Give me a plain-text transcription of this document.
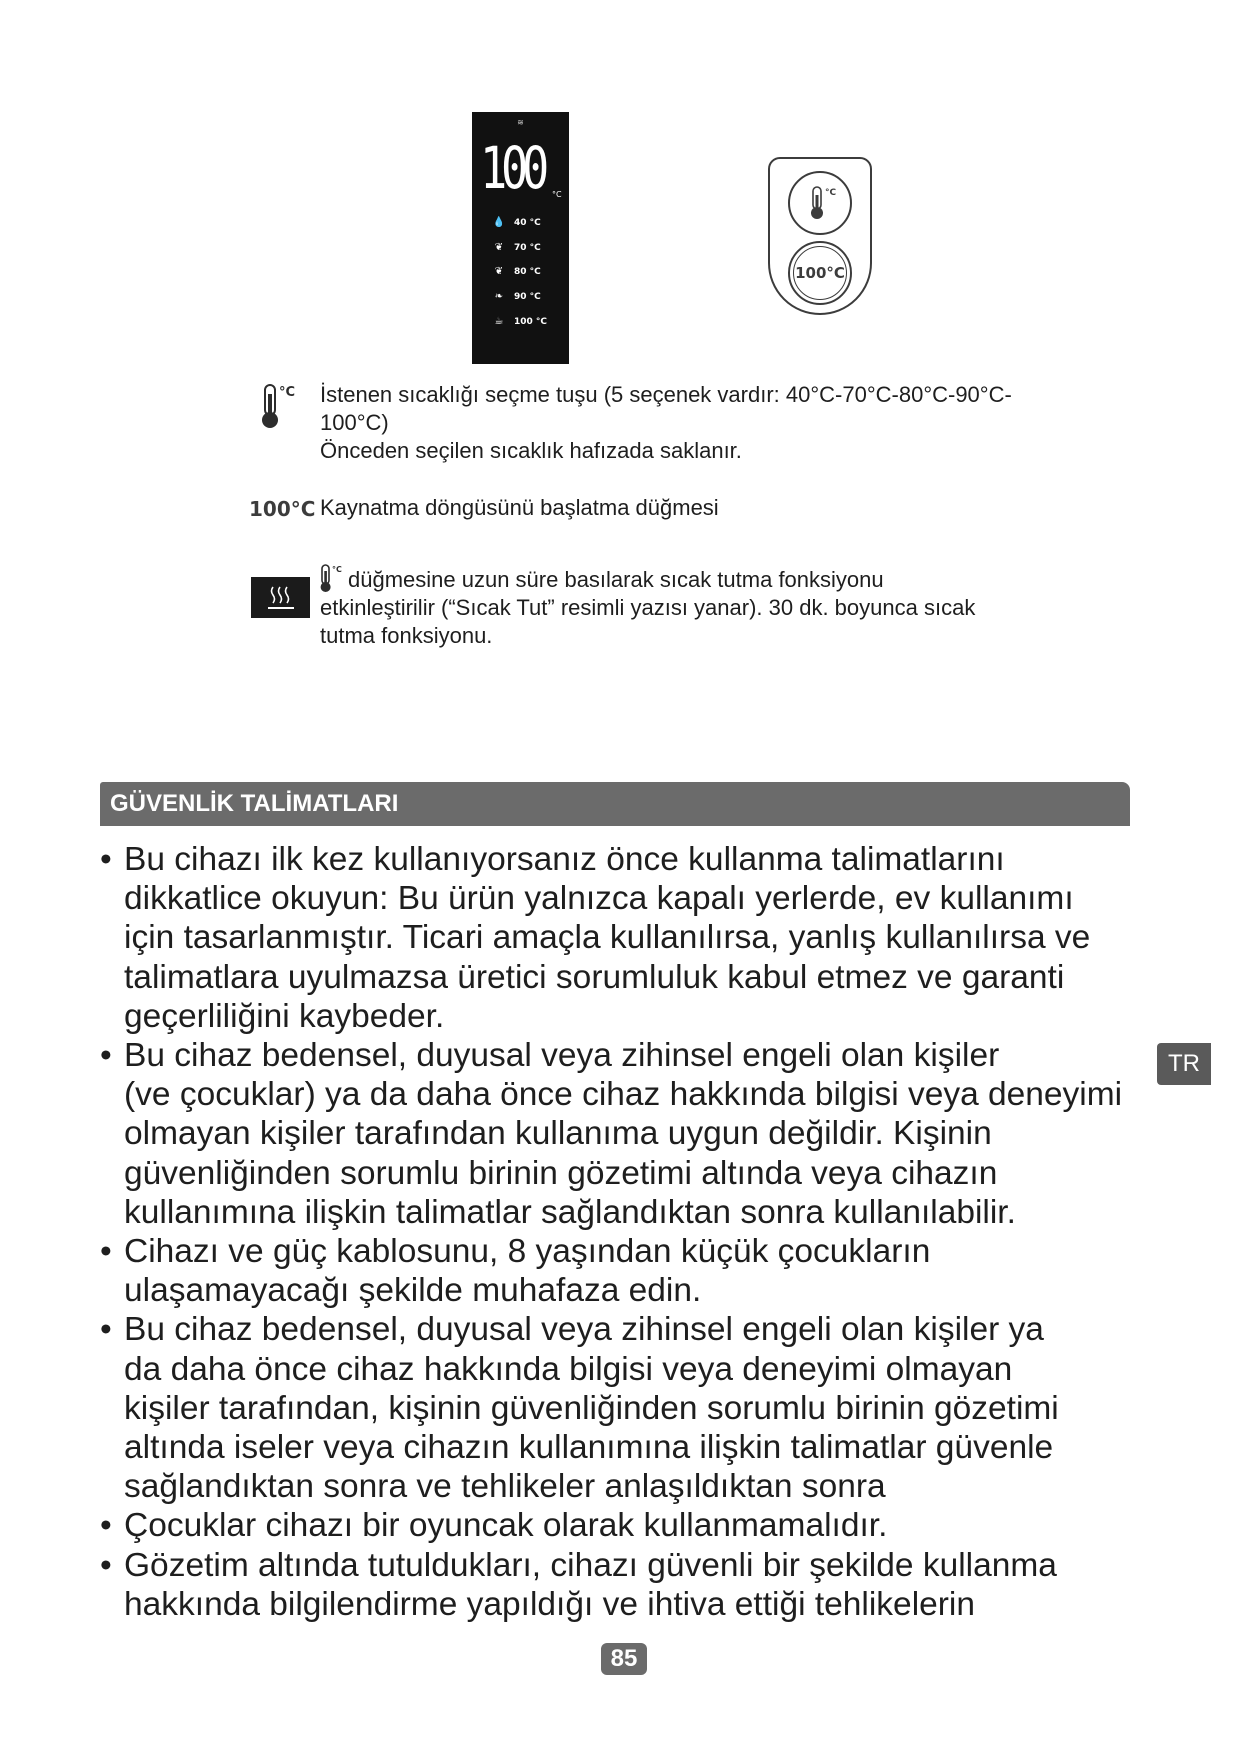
≋
100 °C
💧 40 °C
❦ 70 °C
❦ 80 °C
❧ 90 °C
☕ 100 °C
°C
100°C
°C İstenen sıcaklığı seçme tuşu (5 seçenek vardır: 40°C-70°C-80°C-90°C-
100°C)
Önceden seçilen sıcaklık hafızada saklanır.
100°C Kaynatma döngüsünü başlatma düğmesi
°C düğmesine uzun süre basılarak sıcak tutma fonksiyonu
etkinleştirilir (“Sıcak Tut” resimli yazısı yanar). 30 dk. boyunca sıcak
tutma fonksiyonu.
GÜVENLİK TALİMATLARI
• Bu cihazı ilk kez kullanıyorsanız önce kullanma talimatlarını
dikkatlice okuyun: Bu ürün yalnızca kapalı yerlerde, ev kullanımı
için tasarlanmıştır. Ticari amaçla kullanılırsa, yanlış kullanılırsa ve
talimatlara uyulmazsa üretici sorumluluk kabul etmez ve garanti
geçerliliğini kaybeder.
• Bu cihaz bedensel, duyusal veya zihinsel engeli olan kişiler
(ve çocuklar) ya da daha önce cihaz hakkında bilgisi veya deneyimi
olmayan kişiler tarafından kullanıma uygun değildir. Kişinin
güvenliğinden sorumlu birinin gözetimi altında veya cihazın
kullanımına ilişkin talimatlar sağlandıktan sonra kullanılabilir.
• Cihazı ve güç kablosunu, 8 yaşından küçük çocukların
ulaşamayacağı şekilde muhafaza edin.
• Bu cihaz bedensel, duyusal veya zihinsel engeli olan kişiler ya
da daha önce cihaz hakkında bilgisi veya deneyimi olmayan
kişiler tarafından, kişinin güvenliğinden sorumlu birinin gözetimi
altında iseler veya cihazın kullanımına ilişkin talimatlar güvenle
sağlandıktan sonra ve tehlikeler anlaşıldıktan sonra
• Çocuklar cihazı bir oyuncak olarak kullanmamalıdır.
• Gözetim altında tutuldukları, cihazı güvenli bir şekilde kullanma
hakkında bilgilendirme yapıldığı ve ihtiva ettiği tehlikelerin
TR
85
